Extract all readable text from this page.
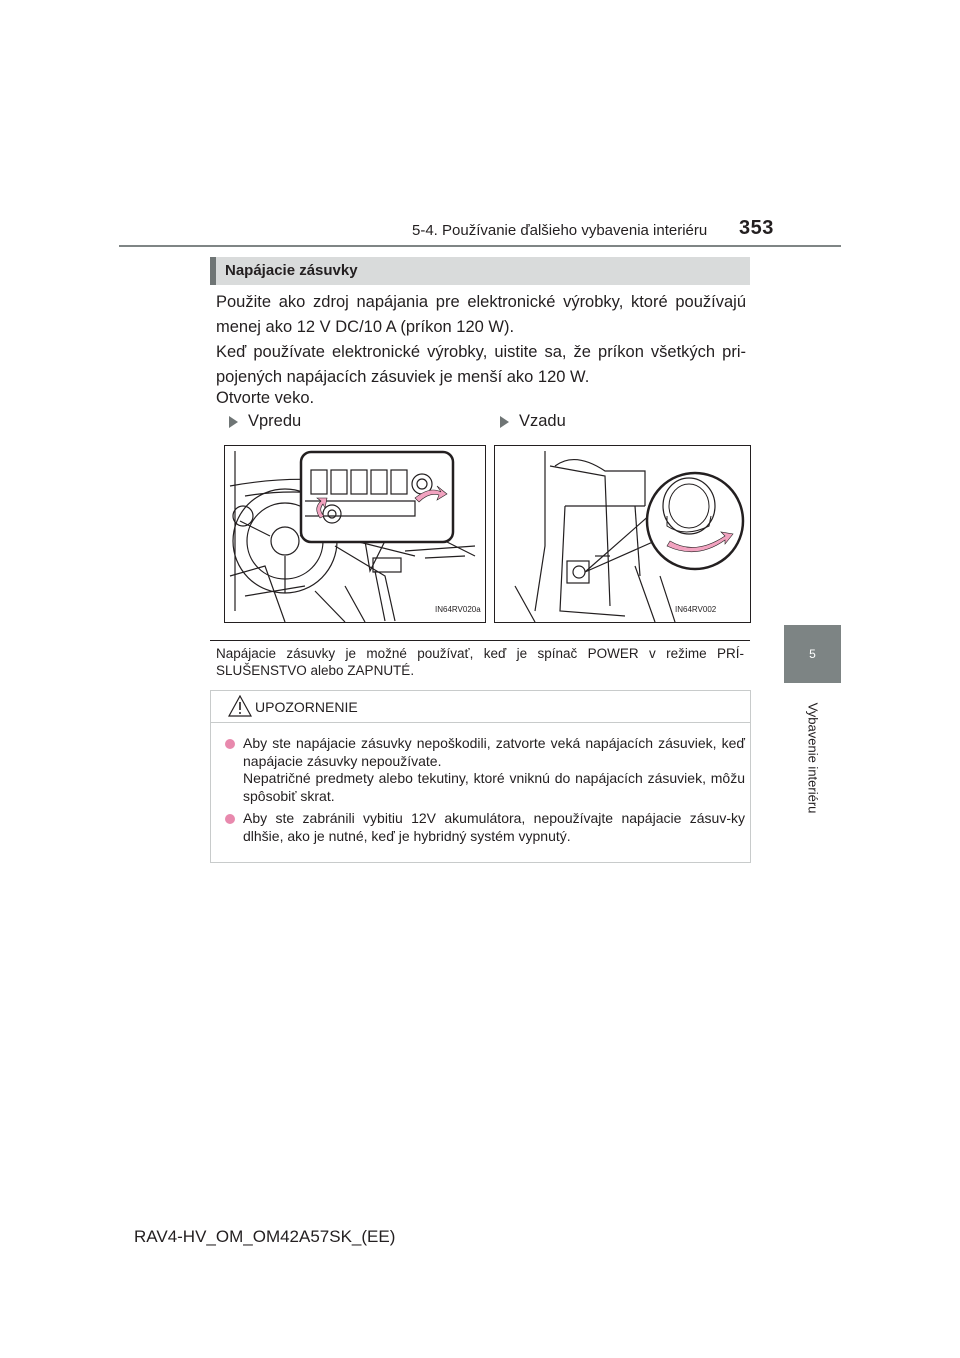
5-4. Používanie ďalšieho vybavenia interiéru 353
5
Vybavenie interiéru
Napájacie zásuvky
Použite ako zdroj napájania pre elektronické výrobky, ktoré používajú menej ako 12 V DC/10 A (príkon 120 W).
Keď používate elektronické výrobky, uistite sa, že príkon všetkých pri-pojených napájacích zásuviek je menší ako 120 W.
Otvorte veko.
Vpredu	Vzadu
IN64RV020a	IN64RV002
Napájacie zásuvky je možné používať, keď je spínač POWER v režime PRÍ-SLUŠENSTVO alebo ZAPNUTÉ.
UPOZORNENIE
Aby ste napájacie zásuvky nepoškodili, zatvorte veká napájacích zásuviek, keď napájacie zásuvky nepoužívate.
Nepatričné predmety alebo tekutiny, ktoré vniknú do napájacích zásuviek, môžu spôsobiť skrat.
Aby ste zabránili vybitiu 12V akumulátora, nepoužívajte napájacie zásuv-ky dlhšie, ako je nutné, keď je hybridný systém vypnutý.
RAV4-HV_OM_OM42A57SK_(EE)
